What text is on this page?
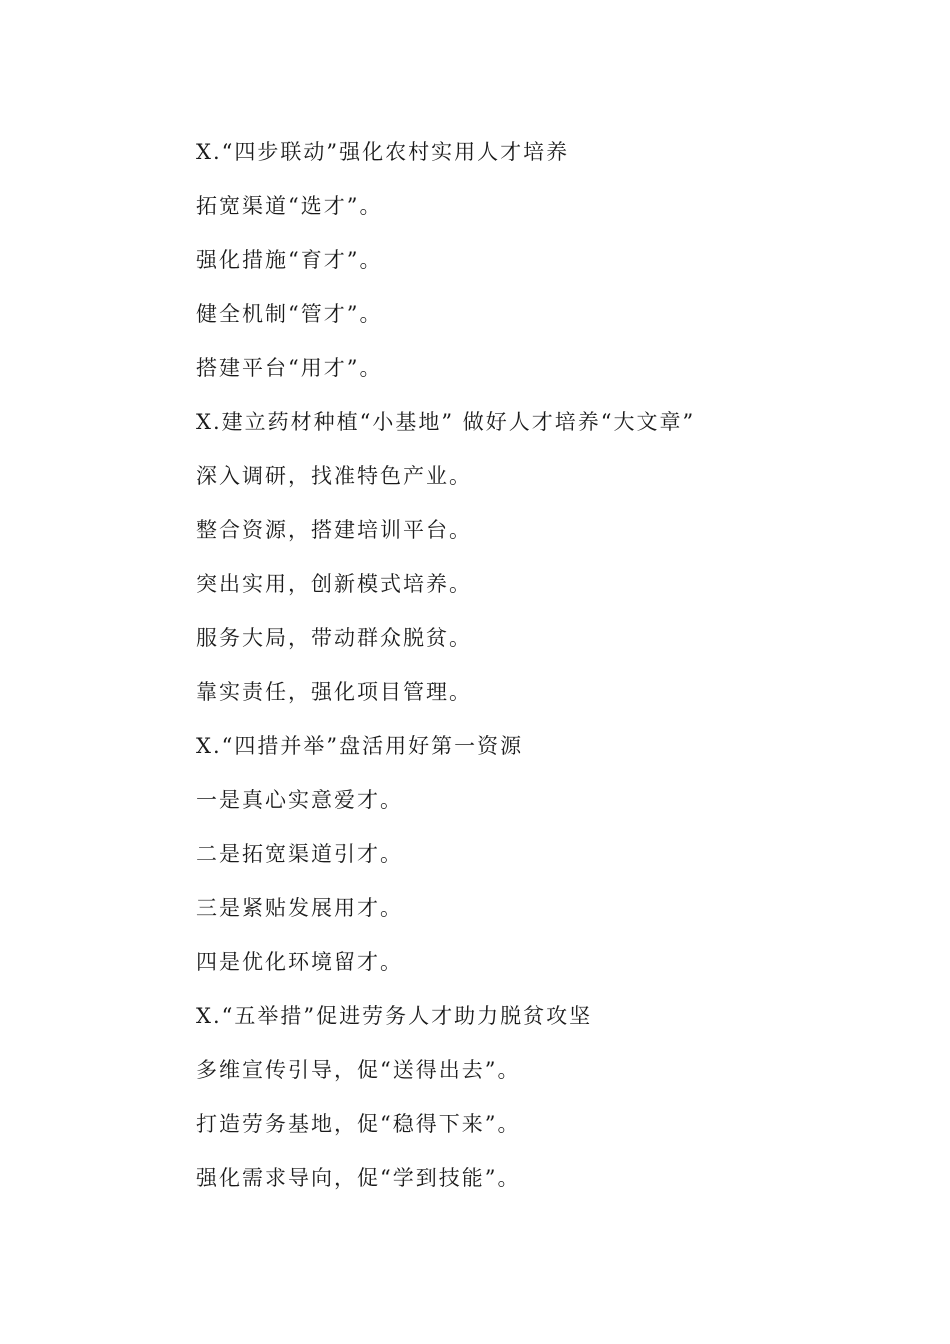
X.“四步联动”强化农村实用人才培养
拓宽渠道“选才”。
强化措施“育才”。
健全机制“管才”。
搭建平台“用才”。
X.建立药材种植“小基地” 做好人才培养“大文章”
深入调研，找准特色产业。
整合资源，搭建培训平台。
突出实用，创新模式培养。
服务大局，带动群众脱贫。
靠实责任，强化项目管理。
X.“四措并举”盘活用好第一资源
一是真心实意爱才。
二是拓宽渠道引才。
三是紧贴发展用才。
四是优化环境留才。
X.“五举措”促进劳务人才助力脱贫攻坚
多维宣传引导，促“送得出去”。
打造劳务基地，促“稳得下来”。
强化需求导向，促“学到技能”。
